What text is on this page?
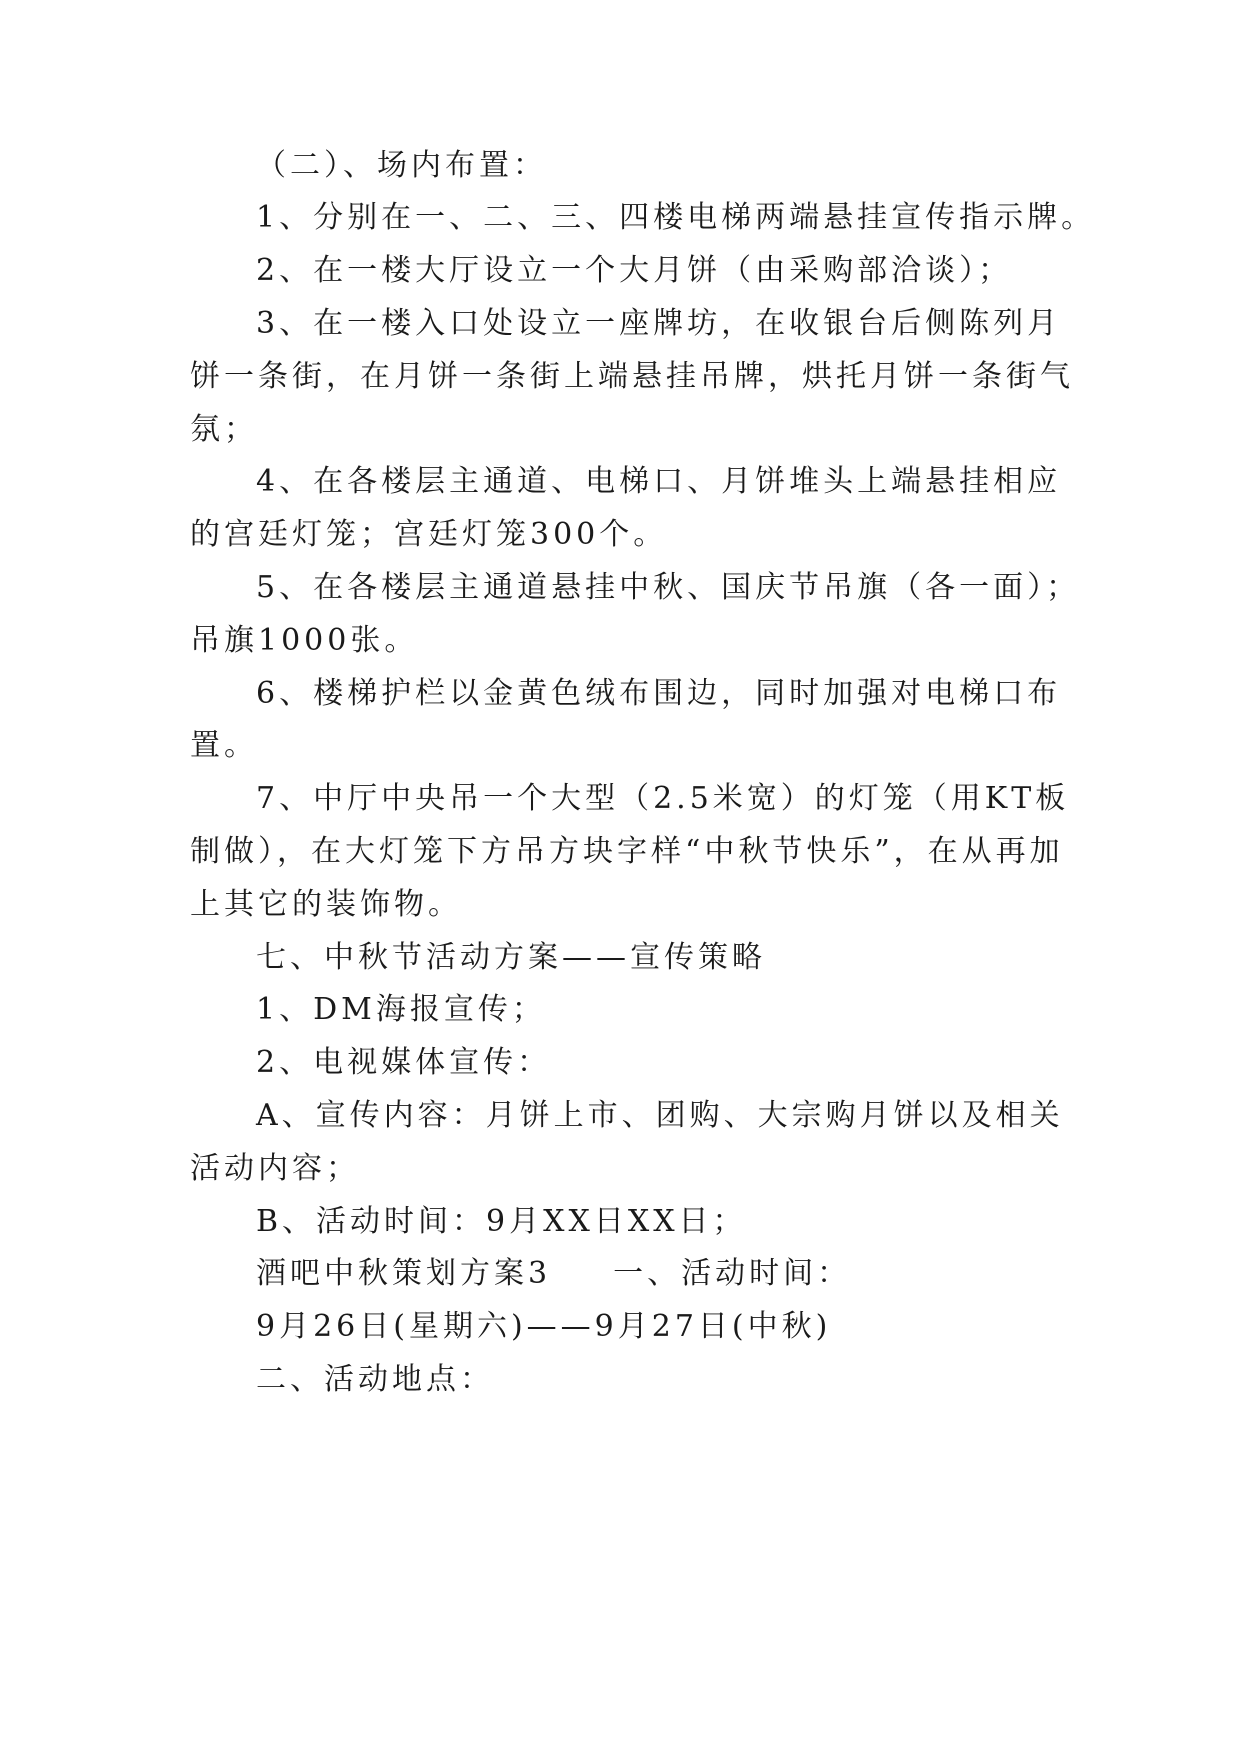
（二）、场内布置：
1、分别在一、二、三、四楼电梯两端悬挂宣传指示牌。
2、在一楼大厅设立一个大月饼（由采购部洽谈）；
3、在一楼入口处设立一座牌坊，在收银台后侧陈列月
饼一条街，在月饼一条街上端悬挂吊牌，烘托月饼一条街气
氛；
4、在各楼层主通道、电梯口、月饼堆头上端悬挂相应
的宫廷灯笼；宫廷灯笼300个。
5、在各楼层主通道悬挂中秋、国庆节吊旗（各一面）；
吊旗1000张。
6、楼梯护栏以金黄色绒布围边，同时加强对电梯口布
置。
7、中厅中央吊一个大型（2.5米宽）的灯笼（用KT板
制做），在大灯笼下方吊方块字样“中秋节快乐”，在从再加
上其它的装饰物。
七、中秋节活动方案——宣传策略
1、DM海报宣传；
2、电视媒体宣传：
A、宣传内容：月饼上市、团购、大宗购月饼以及相关
活动内容；
B、活动时间：9月XX日XX日；
酒吧中秋策划方案3 一、活动时间：
9月26日(星期六)——9月27日(中秋)
二、活动地点：
